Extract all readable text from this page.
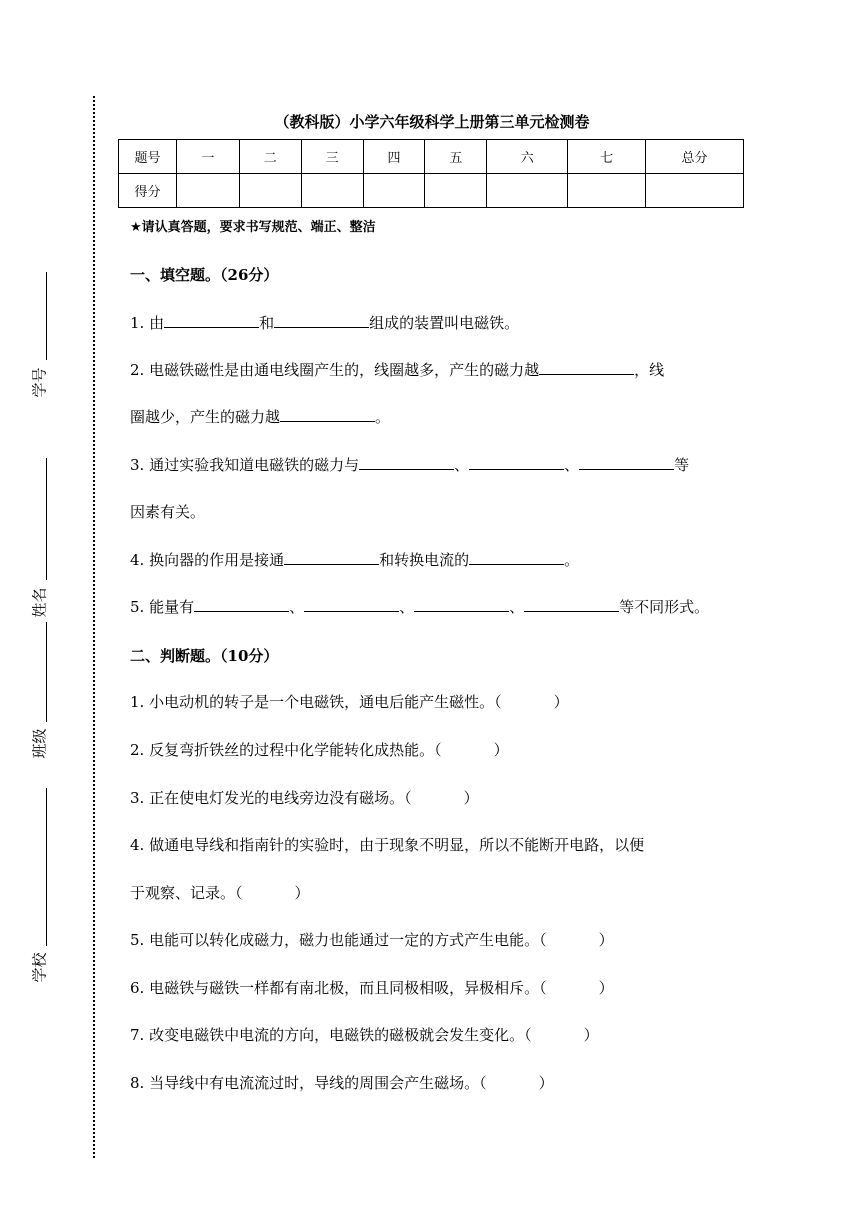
学号
姓名
班级
学校
（教科版）小学六年级科学上册第三单元检测卷
题号	一	二	三	四	五	六	七	总分
得分								
★请认真答题，要求书写规范、端正、整洁
一、填空题。（26分）
1. 由	和	组成的装置叫电磁铁。
2. 电磁铁磁性是由通电线圈产生的，线圈越多，产生的磁力越	，线
圈越少，产生的磁力越	。
3. 通过实验我知道电磁铁的磁力与	、	、	等
因素有关。
4. 换向器的作用是接通	和转换电流的	。
5. 能量有	、	、	、	等不同形式。
二、判断题。（10分）
1. 小电动机的转子是一个电磁铁，通电后能产生磁性。（	）
2. 反复弯折铁丝的过程中化学能转化成热能。（	）
3. 正在使电灯发光的电线旁边没有磁场。（	）
4. 做通电导线和指南针的实验时，由于现象不明显，所以不能断开电路，以便
于观察、记录。（	）
5. 电能可以转化成磁力，磁力也能通过一定的方式产生电能。（	）
6. 电磁铁与磁铁一样都有南北极，而且同极相吸，异极相斥。（	）
7. 改变电磁铁中电流的方向，电磁铁的磁极就会发生变化。（	）
8. 当导线中有电流流过时，导线的周围会产生磁场。（	）
